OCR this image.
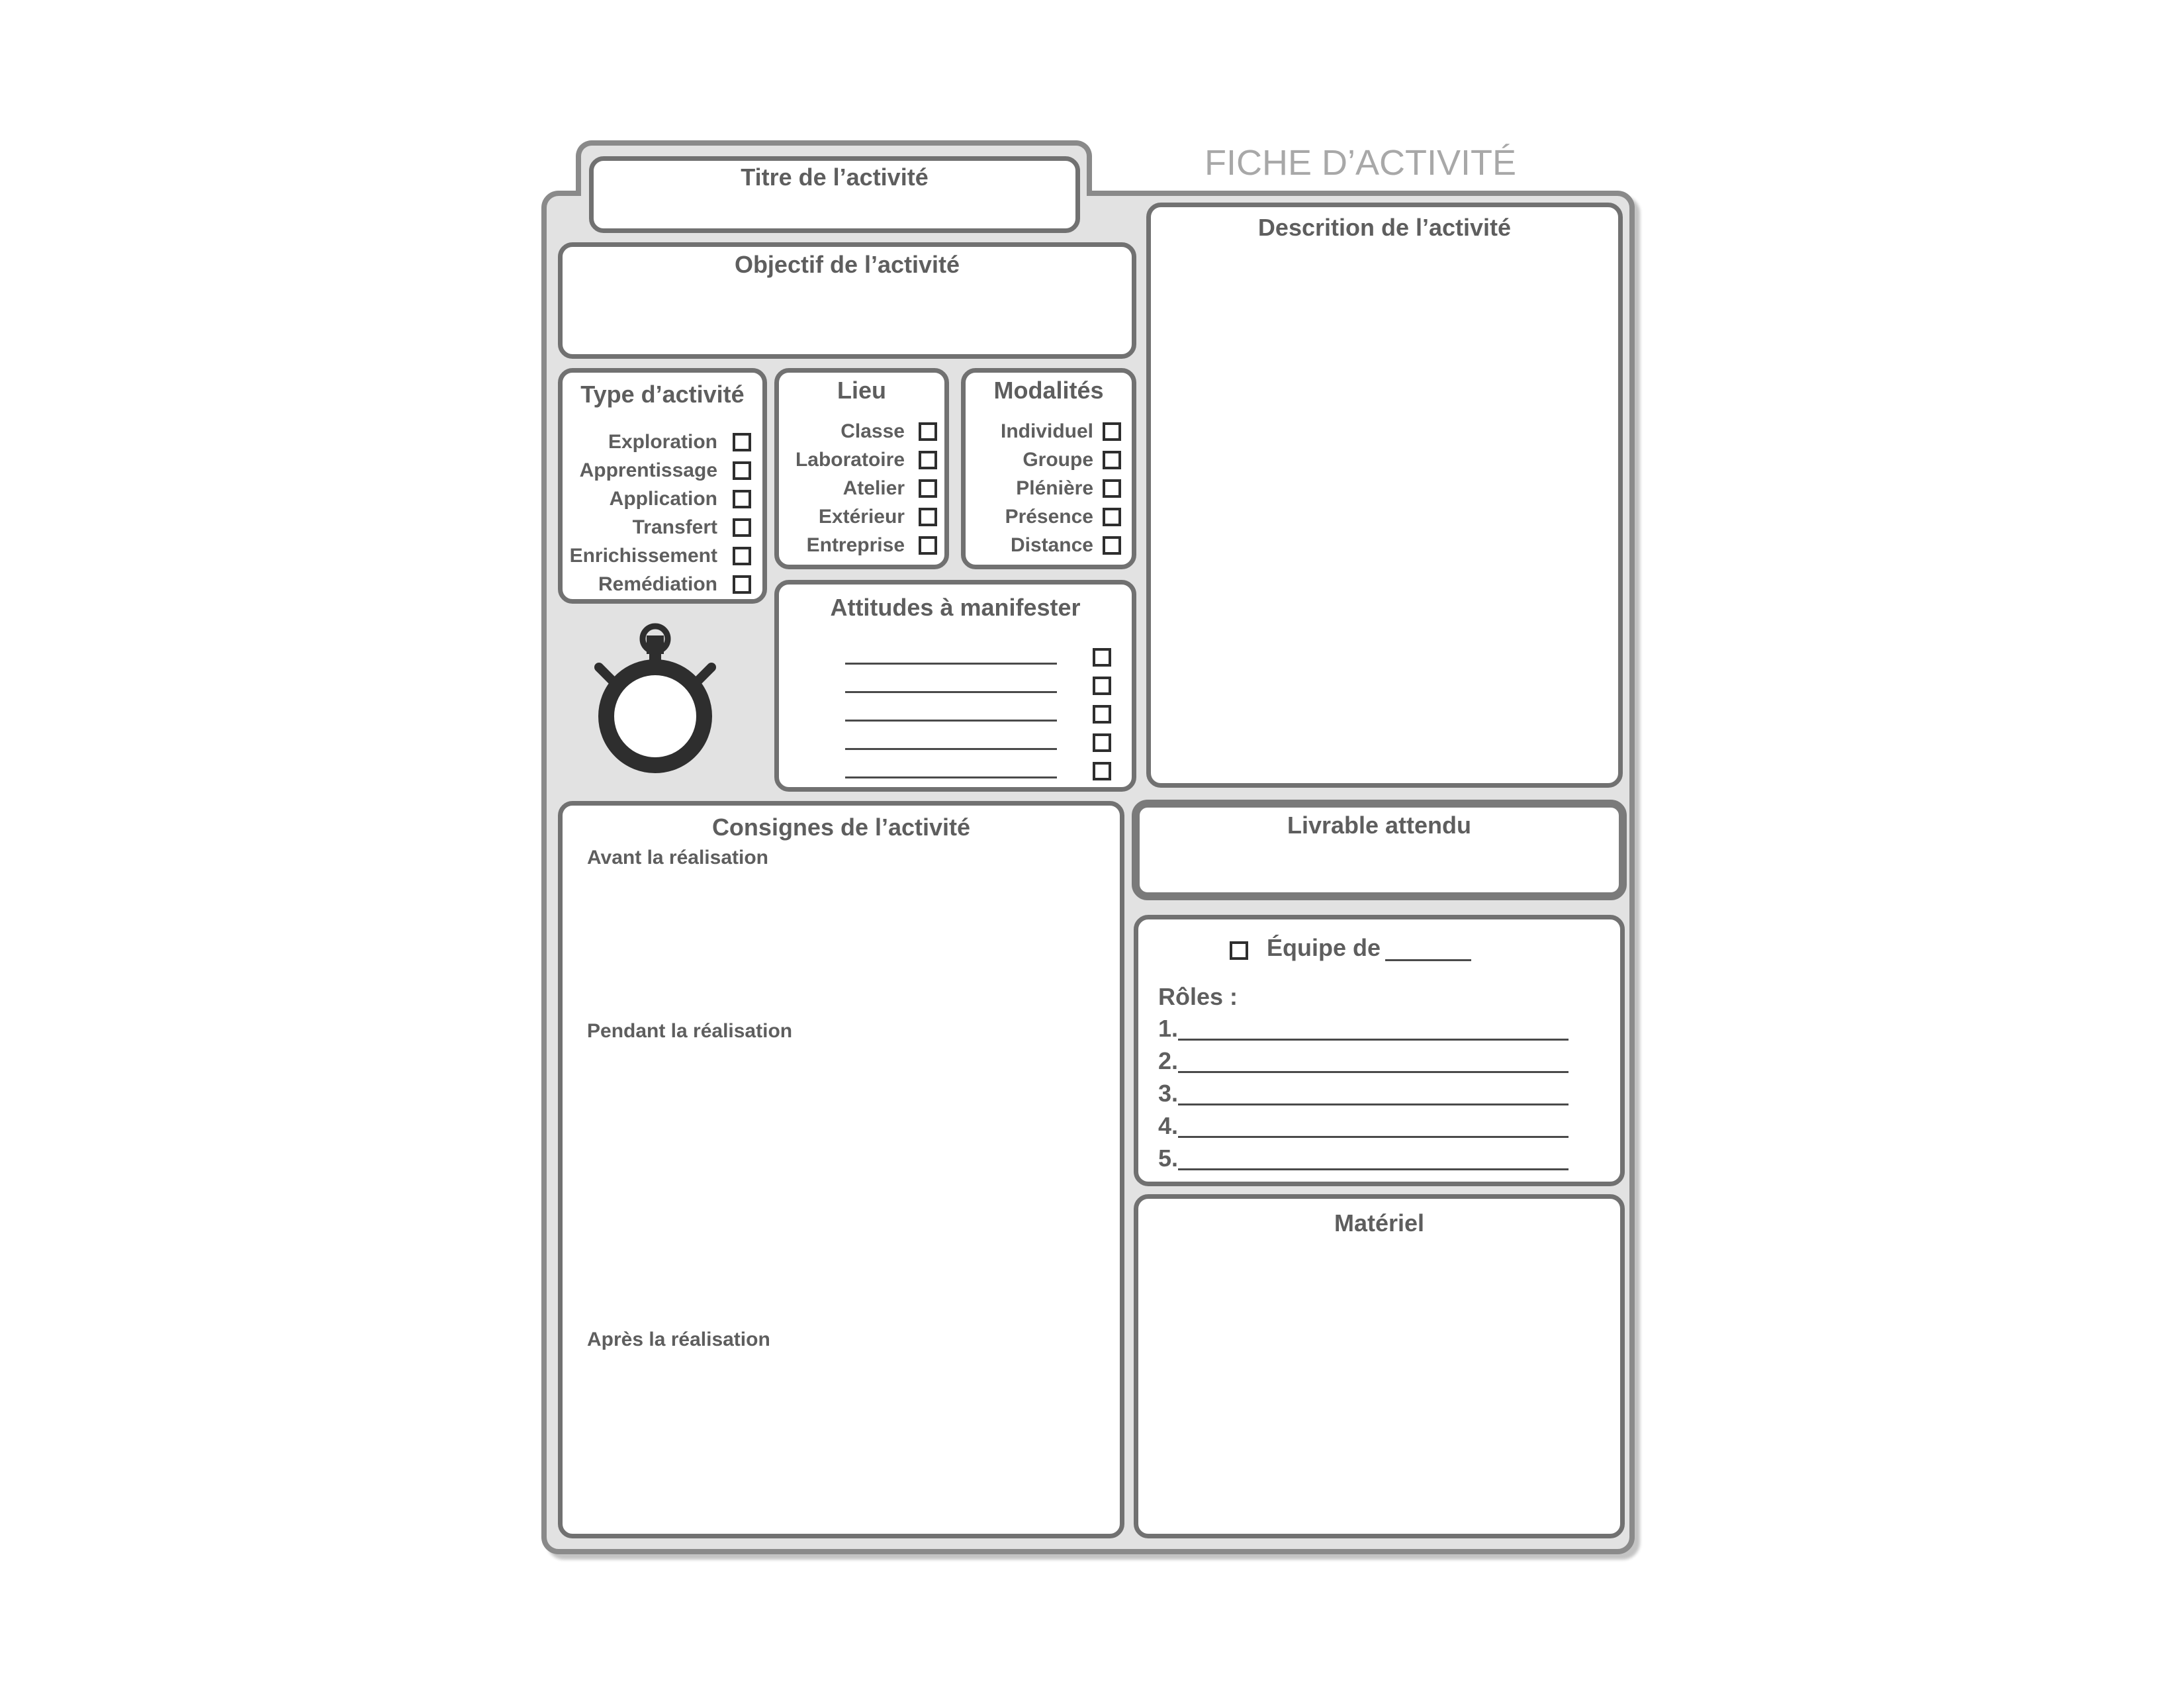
FICHE D’ACTIVITÉ
Titre de l’activité
Objectif de l’activité
Descrition de l’activité
Type d’activité
Exploration
Apprentissage
Application
Transfert
Enrichissement
Remédiation
Lieu
Classe
Laboratoire
Atelier
Extérieur
Entreprise
Modalités
Individuel
Groupe
Plénière
Présence
Distance
Attitudes à manifester
Consignes de l’activité
Avant la réalisation
Pendant la réalisation
Après la réalisation
Livrable attendu
Équipe de
Rôles :
1.
2.
3.
4.
5.
Matériel
